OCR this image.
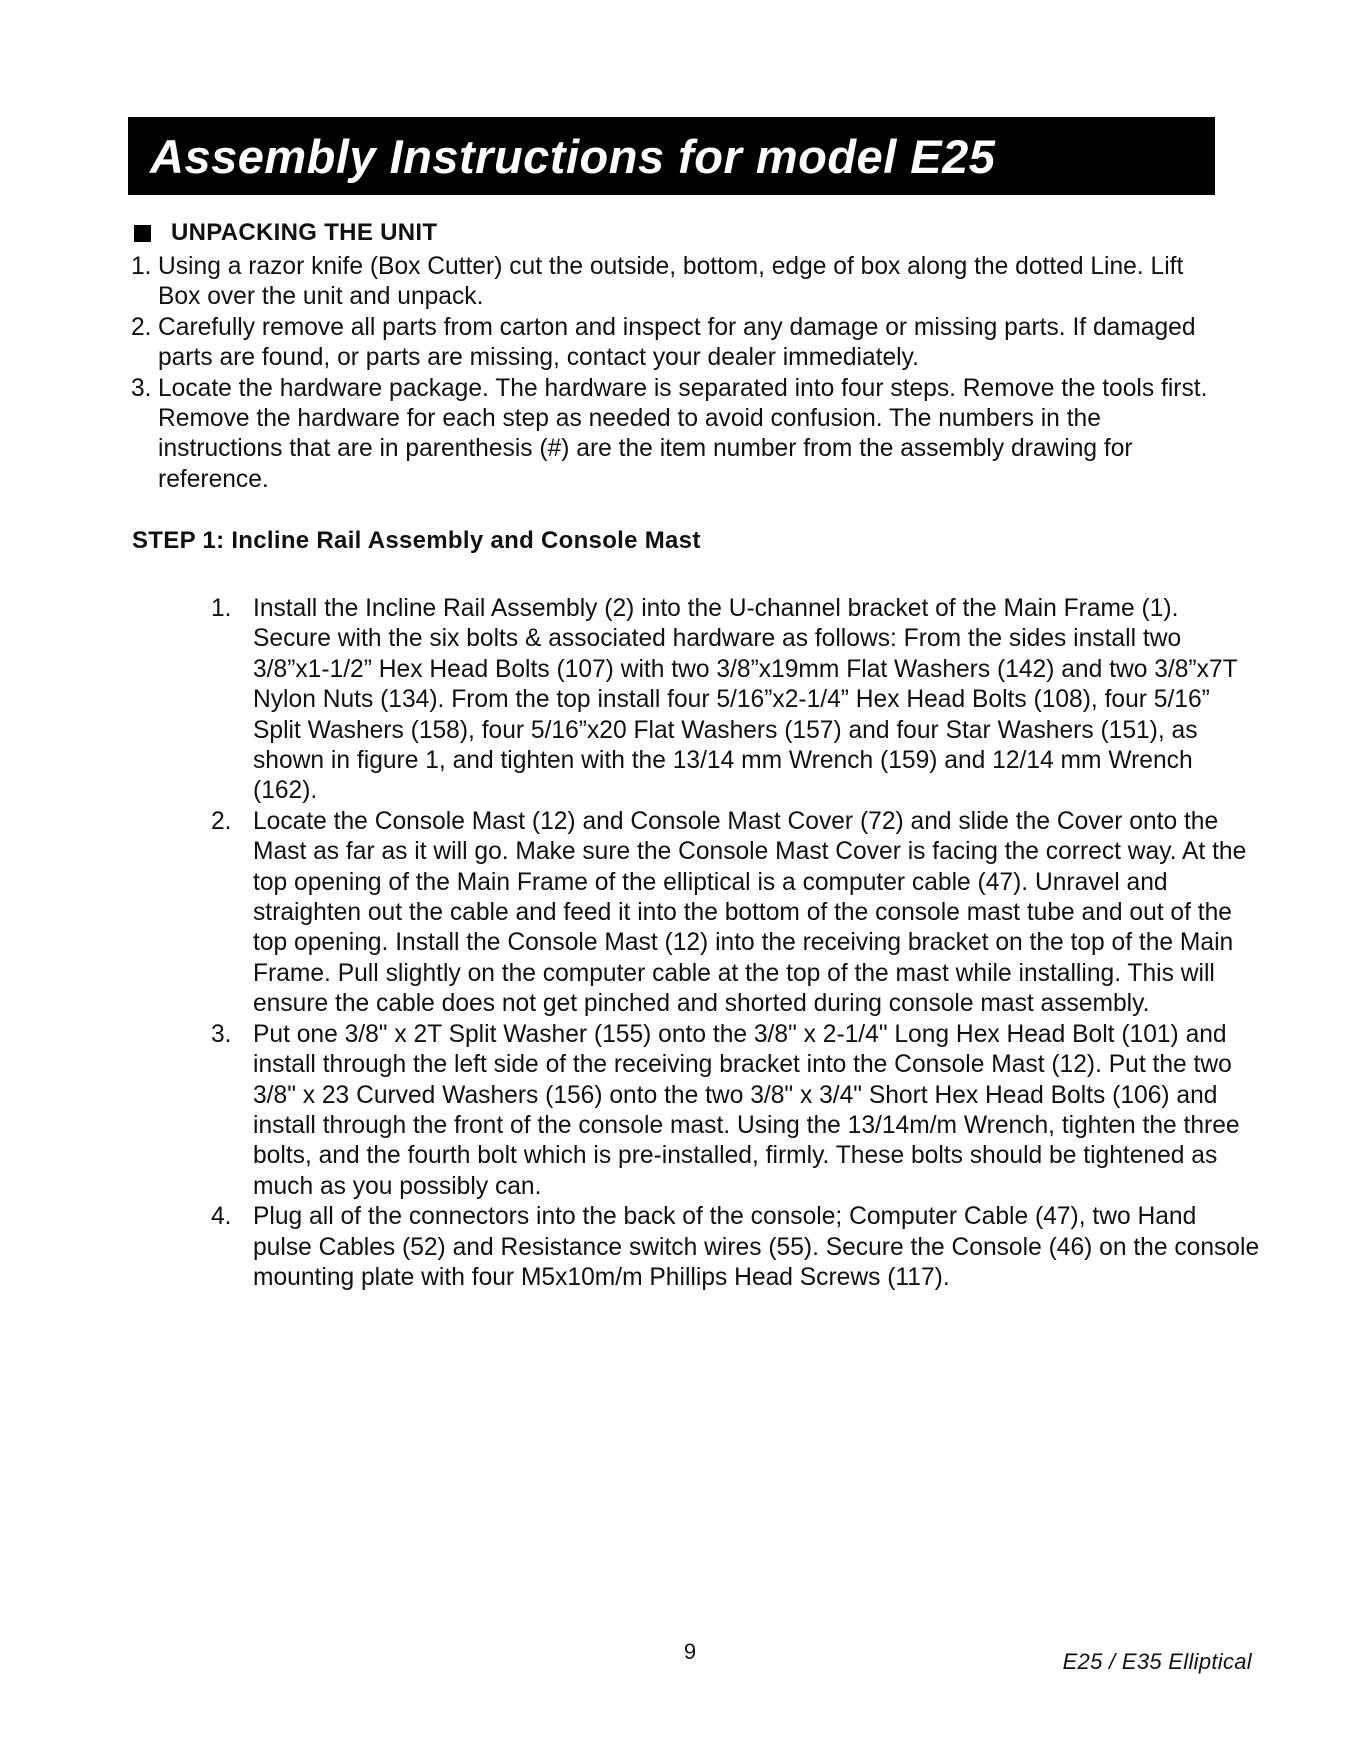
Assembly Instructions for model E25
UNPACKING THE UNIT
1. Using a razor knife (Box Cutter) cut the outside, bottom, edge of box along the dotted Line. Lift Box over the unit and unpack.
2. Carefully remove all parts from carton and inspect for any damage or missing parts. If damaged parts are found, or parts are missing, contact your dealer immediately.
3. Locate the hardware package. The hardware is separated into four steps. Remove the tools first. Remove the hardware for each step as needed to avoid confusion. The numbers in the instructions that are in parenthesis (#) are the item number from the assembly drawing for reference.
STEP 1: Incline Rail Assembly and Console Mast
1. Install the Incline Rail Assembly (2) into the U-channel bracket of the Main Frame (1). Secure with the six bolts & associated hardware as follows: From the sides install two 3/8”x1-1/2” Hex Head Bolts (107) with two 3/8”x19mm Flat Washers (142) and two 3/8”x7T Nylon Nuts (134). From the top install four 5/16”x2-1/4” Hex Head Bolts (108), four 5/16” Split Washers (158), four 5/16”x20 Flat Washers (157) and four Star Washers (151), as shown in figure 1, and tighten with the 13/14 mm Wrench (159) and 12/14 mm Wrench (162).
2. Locate the Console Mast (12) and Console Mast Cover (72) and slide the Cover onto the Mast as far as it will go. Make sure the Console Mast Cover is facing the correct way. At the top opening of the Main Frame of the elliptical is a computer cable (47). Unravel and straighten out the cable and feed it into the bottom of the console mast tube and out of the top opening. Install the Console Mast (12) into the receiving bracket on the top of the Main Frame. Pull slightly on the computer cable at the top of the mast while installing. This will ensure the cable does not get pinched and shorted during console mast assembly.
3. Put one 3/8" x 2T Split Washer (155) onto the 3/8" x 2-1/4" Long Hex Head Bolt (101) and install through the left side of the receiving bracket into the Console Mast (12). Put the two 3/8" x 23 Curved Washers (156) onto the two 3/8" x 3/4" Short Hex Head Bolts (106) and install through the front of the console mast. Using the 13/14m/m Wrench, tighten the three bolts, and the fourth bolt which is pre-installed, firmly. These bolts should be tightened as much as you possibly can.
4. Plug all of the connectors into the back of the console; Computer Cable (47), two Hand pulse Cables (52) and Resistance switch wires (55). Secure the Console (46) on the console mounting plate with four M5x10m/m Phillips Head Screws (117).
9	E25 / E35 Elliptical
